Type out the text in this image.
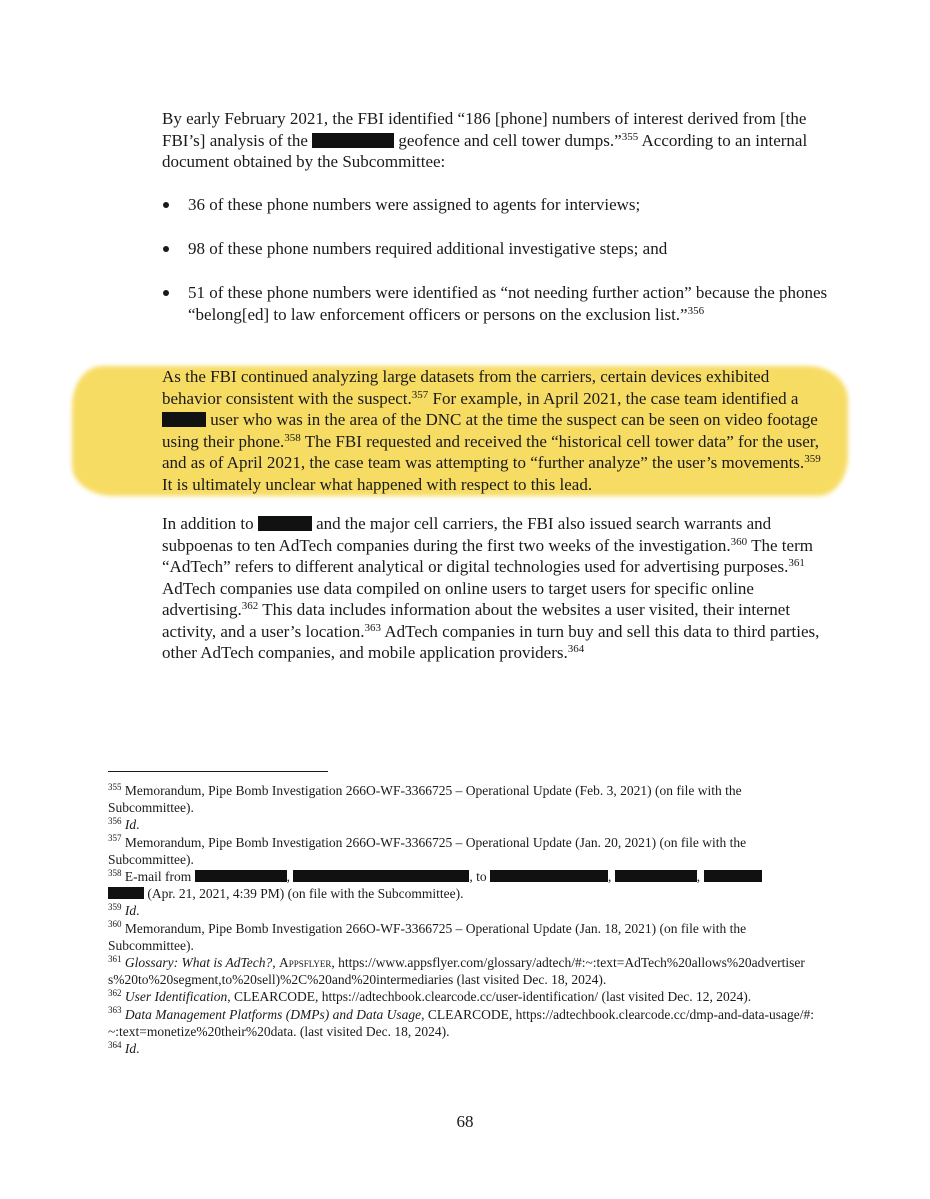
By early February 2021, the FBI identified “186 [phone] numbers of interest derived from [the FBI’s] analysis of the	geofence and cell tower dumps.”$^{355}$ According to an internal document obtained by the Subcommittee:

36 of these phone numbers were assigned to agents for interviews;
98 of these phone numbers required additional investigative steps; and
51 of these phone numbers were identified as “not needing further action” because the phones “belong[ed] to law enforcement officers or persons on the exclusion list.”$^{356}$

As the FBI continued analyzing large datasets from the carriers, certain devices exhibited behavior consistent with the suspect.$^{357}$ For example, in April 2021, the case team identified a  user who was in the area of the DNC at the time the suspect can be seen on video footage using their phone.$^{358}$ The FBI requested and received the “historical cell tower data” for the user, and as of April 2021, the case team was attempting to “further analyze” the user’s movements.$^{359}$ It is ultimately unclear what happened with respect to this lead.

In addition to	and the major cell carriers, the FBI also issued search warrants and subpoenas to ten AdTech companies during the first two weeks of the investigation.$^{360}$ The term “AdTech” refers to different analytical or digital technologies used for advertising purposes.$^{361}$ AdTech companies use data compiled on online users to target users for specific online advertising.$^{362}$ This data includes information about the websites a user visited, their internet activity, and a user’s location.$^{363}$ AdTech companies in turn buy and sell this data to third parties, other AdTech companies, and mobile application providers.$^{364}$

$^{355}$ Memorandum, Pipe Bomb Investigation 266O-WF-3366725 – Operational Update (Feb. 3, 2021) (on file with the Subcommittee).
$^{356}$ Id.
$^{357}$ Memorandum, Pipe Bomb Investigation 266O-WF-3366725 – Operational Update (Jan. 20, 2021) (on file with the Subcommittee).
$^{358}$ E-mail from	,	, to	,	,
(Apr. 21, 2021, 4:39 PM) (on file with the Subcommittee).
$^{359}$ Id.
$^{360}$ Memorandum, Pipe Bomb Investigation 266O-WF-3366725 – Operational Update (Jan. 18, 2021) (on file with the Subcommittee).
$^{361}$ Glossary: What is AdTech?, Appsflyer, https://www.appsflyer.com/glossary/adtech/#:~:text=AdTech%20allows%20advertisers%20to%20segment,to%20sell)%2C%20and%20intermediaries (last visited Dec. 18, 2024).
$^{362}$ User Identification, CLEARCODE, https://adtechbook.clearcode.cc/user-identification/ (last visited Dec. 12, 2024).
$^{363}$ Data Management Platforms (DMPs) and Data Usage, CLEARCODE, https://adtechbook.clearcode.cc/dmp-and-data-usage/#:~:text=monetize%20their%20data. (last visited Dec. 18, 2024).
$^{364}$ Id.
68
